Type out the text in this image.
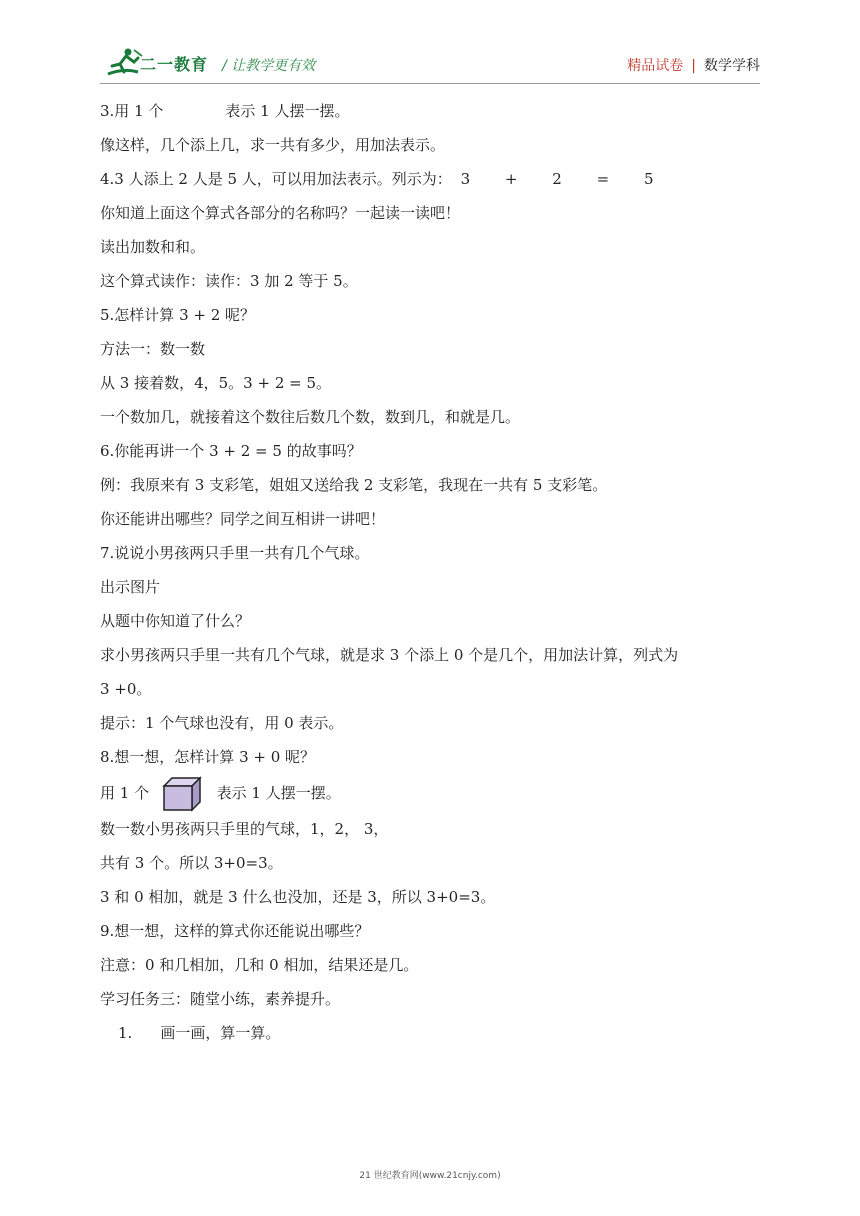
二一教育 / 让教学更有效	精品试卷 | 数学学科
3.用 1 个	表示 1 人摆一摆。
像这样，几个添上几，求一共有多少，用加法表示。
4.3 人添上 2 人是 5 人，可以用加法表示。列示为： 3 + 2 = 5
你知道上面这个算式各部分的名称吗？一起读一读吧！
读出加数和和。
这个算式读作：读作：3 加 2 等于 5。
5.怎样计算 3 + 2 呢？
方法一：数一数
从 3 接着数，4，5。3 + 2 = 5。
一个数加几，就接着这个数往后数几个数，数到几，和就是几。
6.你能再讲一个 3 + 2 = 5 的故事吗？
例：我原来有 3 支彩笔，姐姐又送给我 2 支彩笔，我现在一共有 5 支彩笔。
你还能讲出哪些？同学之间互相讲一讲吧！
7.说说小男孩两只手里一共有几个气球。
出示图片
从题中你知道了什么？
求小男孩两只手里一共有几个气球，就是求 3 个添上 0 个是几个，用加法计算，列式为
3 +0。
提示：1 个气球也没有，用 0 表示。
8.想一想，怎样计算 3 + 0 呢？
用 1 个	表示 1 人摆一摆。
数一数小男孩两只手里的气球，1，2， 3，
共有 3 个。所以 3+0=3。
3 和 0 相加，就是 3 什么也没加，还是 3，所以 3+0=3。
9.想一想，这样的算式你还能说出哪些？
注意：0 和几相加，几和 0 相加，结果还是几。
学习任务三：随堂小练，素养提升。
1. 画一画，算一算。
21 世纪教育网(www.21cnjy.com)
